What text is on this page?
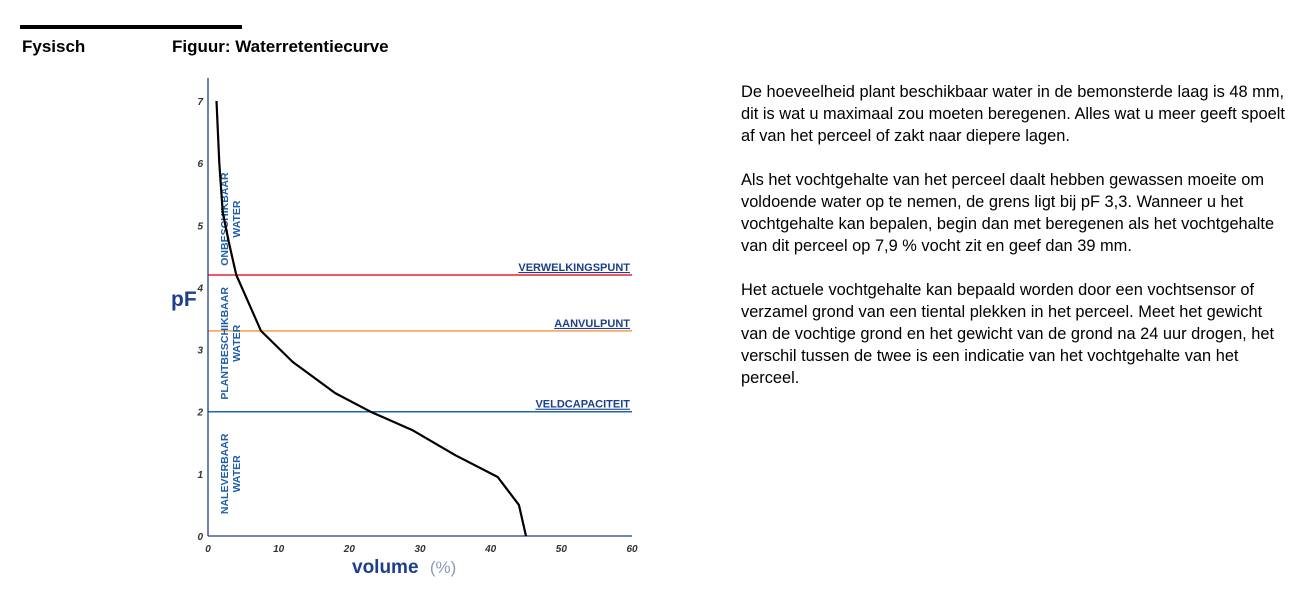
Fysisch	Figuur: Waterretentiecurve
VERWELKINGSPUNT
AANVULPUNT
VELDCAPACITEIT
ONBESCHIKBAAR WATER
PLANTBESCHIKBAAR WATER
NALEVERBAAR WATER
0
1
2
3
4
5
6
7
0	10	20	30	40	50	60
pF
volume (%)

De hoeveelheid plant beschikbaar water in de bemonsterde laag is 48 mm, dit is wat u maximaal zou moeten beregenen. Alles wat u meer geeft spoelt af van het perceel of zakt naar diepere lagen.

Als het vochtgehalte van het perceel daalt hebben gewassen moeite om voldoende water op te nemen, de grens ligt bij pF 3,3. Wanneer u het vochtgehalte kan bepalen, begin dan met beregenen als het vochtgehalte van dit perceel op 7,9 % vocht zit en geef dan 39 mm.

Het actuele vochtgehalte kan bepaald worden door een vochtsensor of verzamel grond van een tiental plekken in het perceel. Meet het gewicht van de vochtige grond en het gewicht van de grond na 24 uur drogen, het verschil tussen de twee is een indicatie van het vochtgehalte van het perceel.
